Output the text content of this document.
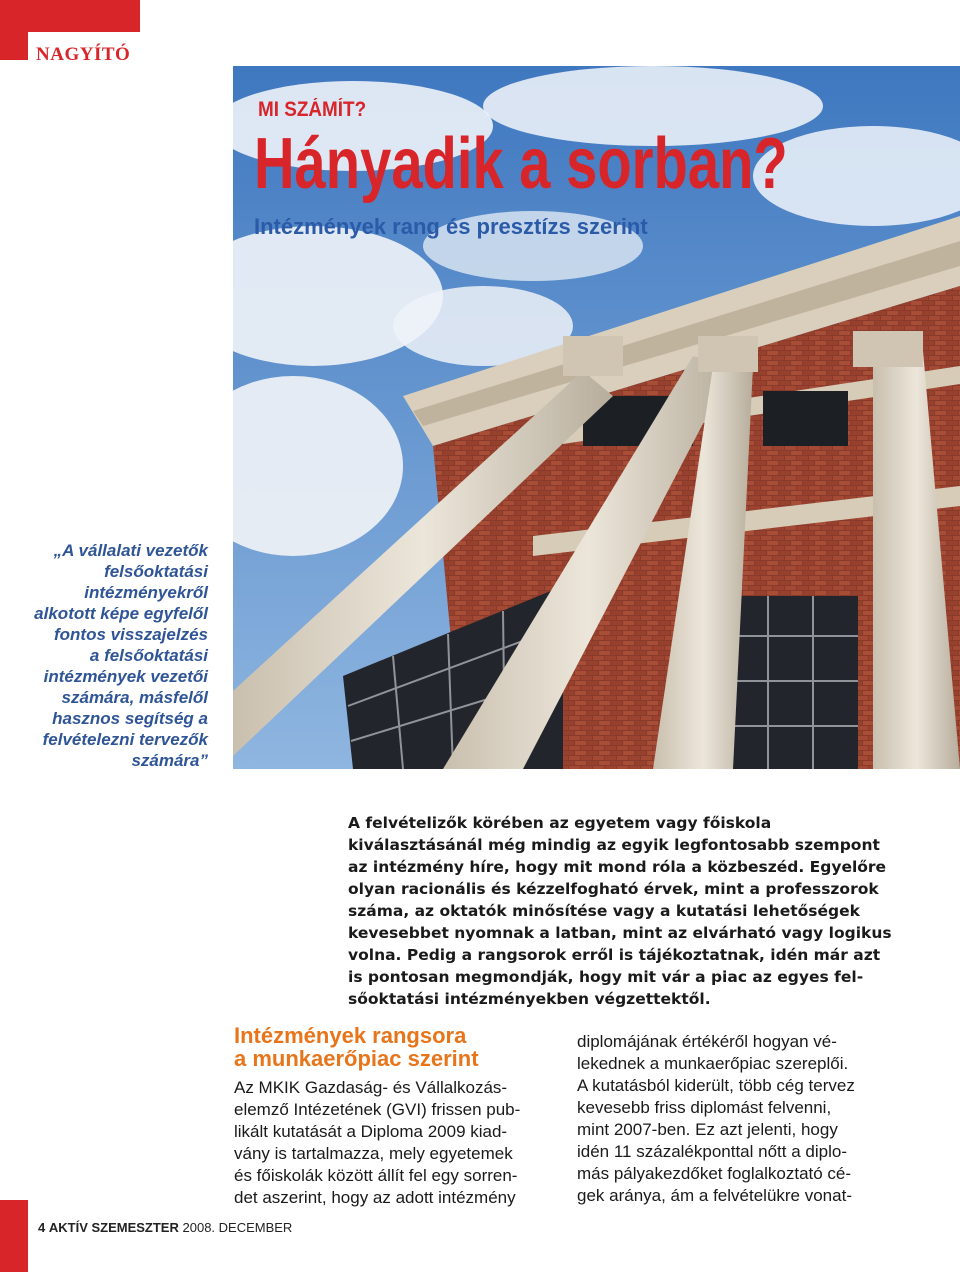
NAGYÍTÓ
MI SZÁMÍT?
Hányadik a sorban?
Intézmények rang és presztízs szerint
„A vállalati vezetők
felsőoktatási
intézményekről
alkotott képe egyfelől
fontos visszajelzés
a felsőoktatási
intézmények vezetői
számára, másfelől
hasznos segítség a
felvételezni tervezők
számára”
A felvételizők körében az egyetem vagy főiskola
kiválasztásánál még mindig az egyik legfontosabb szempont
az intézmény híre, hogy mit mond róla a közbeszéd. Egyelőre
olyan racionális és kézzelfogható érvek, mint a professzorok
száma, az oktatók minősítése vagy a kutatási lehetőségek
kevesebbet nyomnak a latban, mint az elvárható vagy logikus
volna. Pedig a rangsorok erről is tájékoztatnak, idén már azt
is pontosan megmondják, hogy mit vár a piac az egyes fel-
sőoktatási intézményekben végzettektől.
Intézmények rangsora
a munkaerőpiac szerint
Az MKIK Gazdaság- és Vállalkozás-
elemző Intézetének (GVI) frissen pub-
likált kutatását a Diploma 2009 kiad-
vány is tartalmazza, mely egyetemek
és főiskolák között állít fel egy sorren-
det aszerint, hogy az adott intézmény
diplomájának értékéről hogyan vé-
lekednek a munkaerőpiac szereplői.
A kutatásból kiderült, több cég tervez
kevesebb friss diplomást felvenni,
mint 2007-ben. Ez azt jelenti, hogy
idén 11 százalékponttal nőtt a diplo-
más pályakezdőket foglalkoztató cé-
gek aránya, ám a felvételükre vonat-
4 AKTÍV SZEMESZTER 2008. DECEMBER
